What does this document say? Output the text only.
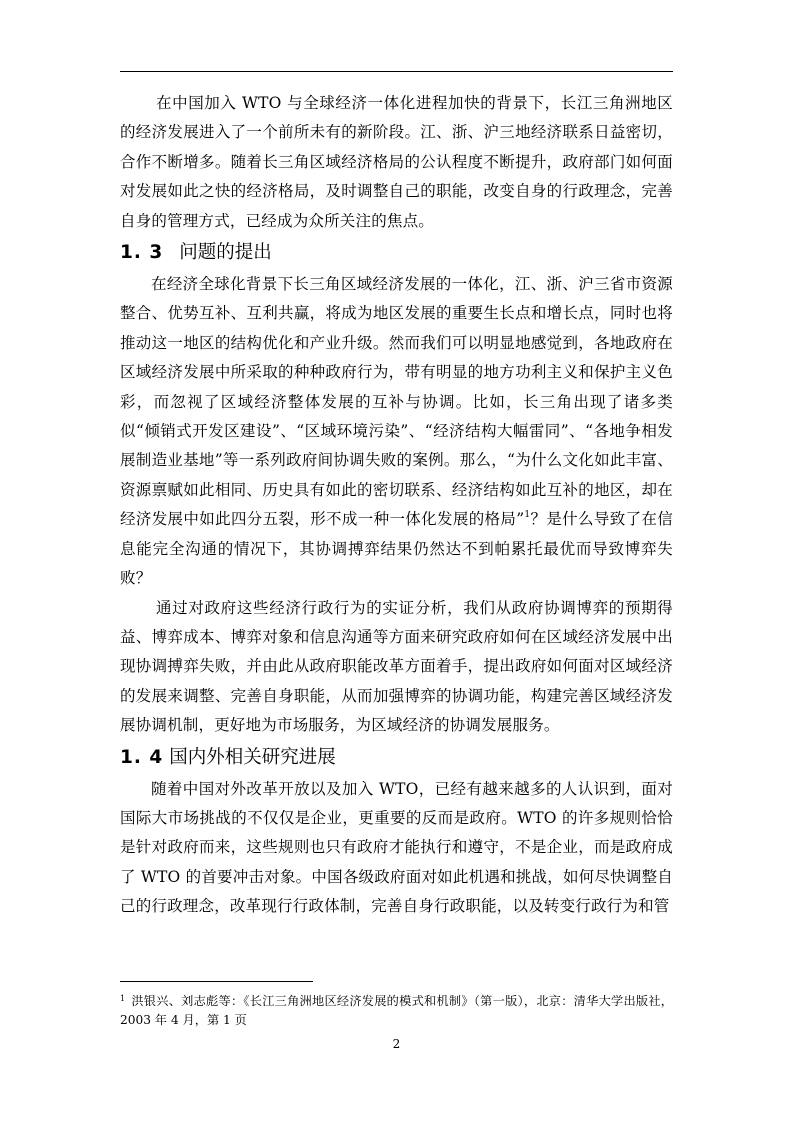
在中国加入 WTO 与全球经济一体化进程加快的背景下，长江三角洲地区的经济发展进入了一个前所未有的新阶段。江、浙、沪三地经济联系日益密切，合作不断增多。随着长三角区域经济格局的公认程度不断提升，政府部门如何面对发展如此之快的经济格局，及时调整自己的职能，改变自身的行政理念，完善自身的管理方式，已经成为众所关注的焦点。

1. 3 问题的提出

在经济全球化背景下长三角区域经济发展的一体化，江、浙、沪三省市资源整合、优势互补、互利共赢，将成为地区发展的重要生长点和增长点，同时也将推动这一地区的结构优化和产业升级。然而我们可以明显地感觉到，各地政府在区域经济发展中所采取的种种政府行为，带有明显的地方功利主义和保护主义色彩，而忽视了区域经济整体发展的互补与协调。比如，长三角出现了诸多类似“倾销式开发区建设”、“区域环境污染”、“经济结构大幅雷同”、“各地争相发展制造业基地”等一系列政府间协调失败的案例。那么，“为什么文化如此丰富、资源禀赋如此相同、历史具有如此的密切联系、经济结构如此互补的地区，却在经济发展中如此四分五裂，形不成一种一体化发展的格局”$^1$？是什么导致了在信息能完全沟通的情况下，其协调搏弈结果仍然达不到帕累托最优而导致博弈失败？

通过对政府这些经济行政行为的实证分析，我们从政府协调博弈的预期得益、博弈成本、博弈对象和信息沟通等方面来研究政府如何在区域经济发展中出现协调搏弈失败，并由此从政府职能改革方面着手，提出政府如何面对区域经济的发展来调整、完善自身职能，从而加强博弈的协调功能，构建完善区域经济发展协调机制，更好地为市场服务，为区域经济的协调发展服务。

1. 4 国内外相关研究进展

随着中国对外改革开放以及加入 WTO，已经有越来越多的人认识到，面对国际大市场挑战的不仅仅是企业，更重要的反而是政府。WTO 的许多规则恰恰是针对政府而来，这些规则也只有政府才能执行和遵守，不是企业，而是政府成了 WTO 的首要冲击对象。中国各级政府面对如此机遇和挑战，如何尽快调整自己的行政理念，改革现行行政体制，完善自身行政职能，以及转变行政行为和管

$^1$ 洪银兴、刘志彪等：《长江三角洲地区经济发展的模式和机制》（第一版），北京：清华大学出版社，2003 年 4 月，第 1 页
2
